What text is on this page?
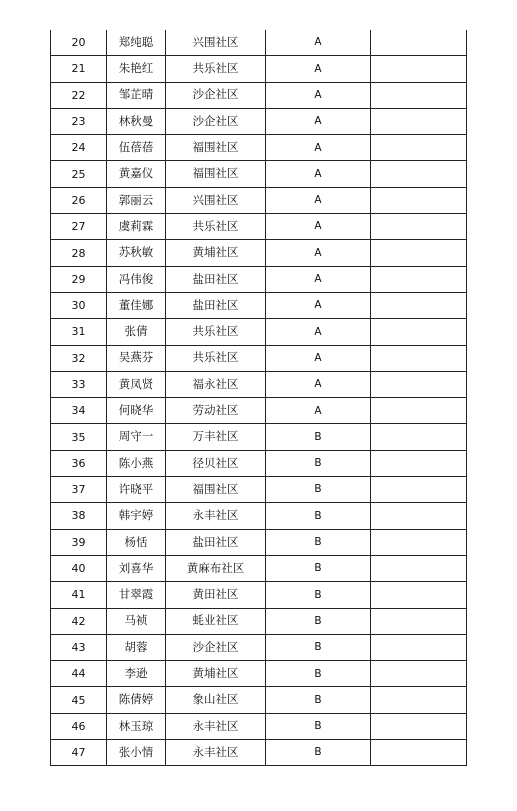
20	郑纯聪	兴围社区	A	
21	朱艳红	共乐社区	A	
22	邹芷晴	沙企社区	A	
23	林秋曼	沙企社区	A	
24	伍蓓蓓	福围社区	A	
25	黄嘉仪	福围社区	A	
26	郭丽云	兴围社区	A	
27	虞莉霖	共乐社区	A	
28	苏秋敏	黄埔社区	A	
29	冯伟俊	盐田社区	A	
30	董佳娜	盐田社区	A	
31	张倩	共乐社区	A	
32	吴燕芬	共乐社区	A	
33	黄凤贤	福永社区	A	
34	何晓华	劳动社区	A	
35	周守一	万丰社区	B	
36	陈小燕	径贝社区	B	
37	许晓平	福围社区	B	
38	韩宇婷	永丰社区	B	
39	杨恬	盐田社区	B	
40	刘喜华	黄麻布社区	B	
41	甘翠霞	黄田社区	B	
42	马祯	蚝业社区	B	
43	胡蓉	沙企社区	B	
44	李逊	黄埔社区	B	
45	陈倩婷	象山社区	B	
46	林玉琼	永丰社区	B	
47	张小情	永丰社区	B	
